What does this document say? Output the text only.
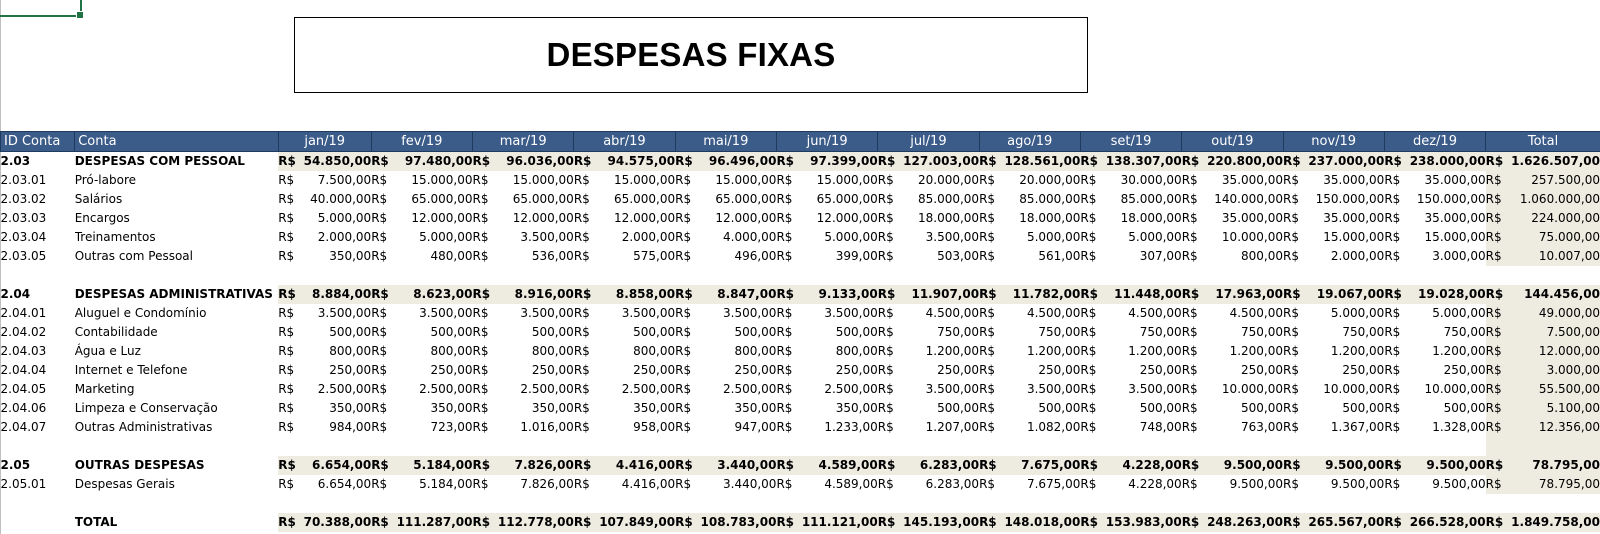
DESPESAS FIXAS
ID Conta	Conta	jan/19		fev/19		mar/19		abr/19		mai/19		jun/19		jul/19		ago/19		set/19		out/19		nov/19		dez/19		Total	
2.03	DESPESAS COM PESSOAL	R$	54.850,00	R$	97.480,00	R$	96.036,00	R$	94.575,00	R$	96.496,00	R$	97.399,00	R$	127.003,00	R$	128.561,00	R$	138.307,00	R$	220.800,00	R$	237.000,00	R$	238.000,00	R$	1.626.507,00
2.03.01	Pró-labore	R$	7.500,00	R$	15.000,00	R$	15.000,00	R$	15.000,00	R$	15.000,00	R$	15.000,00	R$	20.000,00	R$	20.000,00	R$	30.000,00	R$	35.000,00	R$	35.000,00	R$	35.000,00	R$	257.500,00
2.03.02	Salários	R$	40.000,00	R$	65.000,00	R$	65.000,00	R$	65.000,00	R$	65.000,00	R$	65.000,00	R$	85.000,00	R$	85.000,00	R$	85.000,00	R$	140.000,00	R$	150.000,00	R$	150.000,00	R$	1.060.000,00
2.03.03	Encargos	R$	5.000,00	R$	12.000,00	R$	12.000,00	R$	12.000,00	R$	12.000,00	R$	12.000,00	R$	18.000,00	R$	18.000,00	R$	18.000,00	R$	35.000,00	R$	35.000,00	R$	35.000,00	R$	224.000,00
2.03.04	Treinamentos	R$	2.000,00	R$	5.000,00	R$	3.500,00	R$	2.000,00	R$	4.000,00	R$	5.000,00	R$	3.500,00	R$	5.000,00	R$	5.000,00	R$	10.000,00	R$	15.000,00	R$	15.000,00	R$	75.000,00
2.03.05	Outras com Pessoal	R$	350,00	R$	480,00	R$	536,00	R$	575,00	R$	496,00	R$	399,00	R$	503,00	R$	561,00	R$	307,00	R$	800,00	R$	2.000,00	R$	3.000,00	R$	10.007,00

2.04	DESPESAS ADMINISTRATIVAS	R$	8.884,00	R$	8.623,00	R$	8.916,00	R$	8.858,00	R$	8.847,00	R$	9.133,00	R$	11.907,00	R$	11.782,00	R$	11.448,00	R$	17.963,00	R$	19.067,00	R$	19.028,00	R$	144.456,00
2.04.01	Aluguel e Condomínio	R$	3.500,00	R$	3.500,00	R$	3.500,00	R$	3.500,00	R$	3.500,00	R$	3.500,00	R$	4.500,00	R$	4.500,00	R$	4.500,00	R$	4.500,00	R$	5.000,00	R$	5.000,00	R$	49.000,00
2.04.02	Contabilidade	R$	500,00	R$	500,00	R$	500,00	R$	500,00	R$	500,00	R$	500,00	R$	750,00	R$	750,00	R$	750,00	R$	750,00	R$	750,00	R$	750,00	R$	7.500,00
2.04.03	Água e Luz	R$	800,00	R$	800,00	R$	800,00	R$	800,00	R$	800,00	R$	800,00	R$	1.200,00	R$	1.200,00	R$	1.200,00	R$	1.200,00	R$	1.200,00	R$	1.200,00	R$	12.000,00
2.04.04	Internet e Telefone	R$	250,00	R$	250,00	R$	250,00	R$	250,00	R$	250,00	R$	250,00	R$	250,00	R$	250,00	R$	250,00	R$	250,00	R$	250,00	R$	250,00	R$	3.000,00
2.04.05	Marketing	R$	2.500,00	R$	2.500,00	R$	2.500,00	R$	2.500,00	R$	2.500,00	R$	2.500,00	R$	3.500,00	R$	3.500,00	R$	3.500,00	R$	10.000,00	R$	10.000,00	R$	10.000,00	R$	55.500,00
2.04.06	Limpeza e Conservação	R$	350,00	R$	350,00	R$	350,00	R$	350,00	R$	350,00	R$	350,00	R$	500,00	R$	500,00	R$	500,00	R$	500,00	R$	500,00	R$	500,00	R$	5.100,00
2.04.07	Outras Administrativas	R$	984,00	R$	723,00	R$	1.016,00	R$	958,00	R$	947,00	R$	1.233,00	R$	1.207,00	R$	1.082,00	R$	748,00	R$	763,00	R$	1.367,00	R$	1.328,00	R$	12.356,00

2.05	OUTRAS DESPESAS	R$	6.654,00	R$	5.184,00	R$	7.826,00	R$	4.416,00	R$	3.440,00	R$	4.589,00	R$	6.283,00	R$	7.675,00	R$	4.228,00	R$	9.500,00	R$	9.500,00	R$	9.500,00	R$	78.795,00
2.05.01	Despesas Gerais	R$	6.654,00	R$	5.184,00	R$	7.826,00	R$	4.416,00	R$	3.440,00	R$	4.589,00	R$	6.283,00	R$	7.675,00	R$	4.228,00	R$	9.500,00	R$	9.500,00	R$	9.500,00	R$	78.795,00

	TOTAL	R$	70.388,00	R$	111.287,00	R$	112.778,00	R$	107.849,00	R$	108.783,00	R$	111.121,00	R$	145.193,00	R$	148.018,00	R$	153.983,00	R$	248.263,00	R$	265.567,00	R$	266.528,00	R$	1.849.758,00
